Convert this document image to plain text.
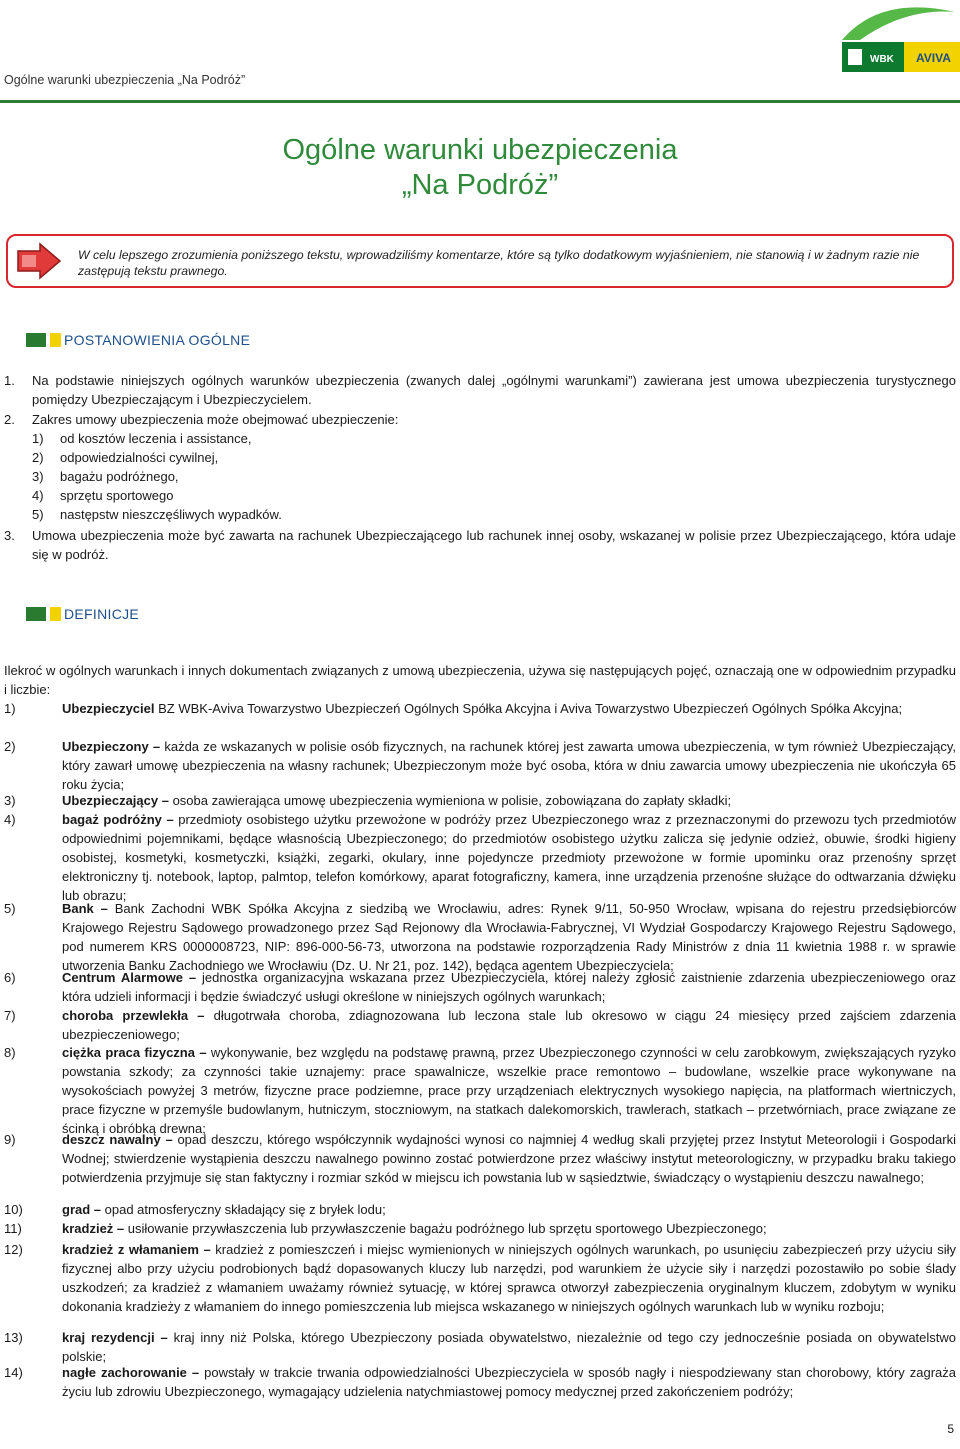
Ogólne warunki ubezpieczenia „Na Podróż”
WBK AVIVA
Ogólne warunki ubezpieczenia
„Na Podróż”
W celu lepszego zrozumienia poniższego tekstu, wprowadziliśmy komentarze, które są tylko dodatkowym wyjaśnieniem, nie stanowią i w żadnym razie nie zastępują tekstu prawnego.
POSTANOWIENIA OGÓLNE
1. Na podstawie niniejszych ogólnych warunków ubezpieczenia (zwanych dalej „ogólnymi warunkami”) zawierana jest umowa ubezpieczenia turystycznego pomiędzy Ubezpieczającym i Ubezpieczycielem.
2. Zakres umowy ubezpieczenia może obejmować ubezpieczenie:
1) od kosztów leczenia i assistance,
2) odpowiedzialności cywilnej,
3) bagażu podróżnego,
4) sprzętu sportowego
5) następstw nieszczęśliwych wypadków.
3. Umowa ubezpieczenia może być zawarta na rachunek Ubezpieczającego lub rachunek innej osoby, wskazanej w polisie przez Ubezpieczającego, która udaje się w podróż.
DEFINICJE
Ilekroć w ogólnych warunkach i innych dokumentach związanych z umową ubezpieczenia, używa się następujących pojęć, oznaczają one w odpowiednim przypadku i liczbie:
1)	Ubezpieczyciel BZ WBK-Aviva Towarzystwo Ubezpieczeń Ogólnych Spółka Akcyjna i Aviva Towarzystwo Ubezpieczeń Ogólnych Spółka Akcyjna;
2)	Ubezpieczony – każda ze wskazanych w polisie osób fizycznych, na rachunek której jest zawarta umowa ubezpieczenia, w tym również Ubezpieczający, który zawarł umowę ubezpieczenia na własny rachunek; Ubezpieczonym może być osoba, która w dniu zawarcia umowy ubezpieczenia nie ukończyła 65 roku życia;
3)	Ubezpieczający – osoba zawierająca umowę ubezpieczenia wymieniona w polisie, zobowiązana do zapłaty składki;
4)	bagaż podróżny – przedmioty osobistego użytku przewożone w podróży przez Ubezpieczonego wraz z przeznaczonymi do przewozu tych przedmiotów odpowiednimi pojemnikami, będące własnością Ubezpieczonego; do przedmiotów osobistego użytku zalicza się jedynie odzież, obuwie, środki higieny osobistej, kosmetyki, kosmetyczki, książki, zegarki, okulary, inne pojedyncze przedmioty przewożone w formie upominku oraz przenośny sprzęt elektroniczny tj. notebook, laptop, palmtop, telefon komórkowy, aparat fotograficzny, kamera, inne urządzenia przenośne służące do odtwarzania dźwięku lub obrazu;
5)	Bank – Bank Zachodni WBK Spółka Akcyjna z siedzibą we Wrocławiu, adres: Rynek 9/11, 50-950 Wrocław, wpisana do rejestru przedsiębiorców Krajowego Rejestru Sądowego prowadzonego przez Sąd Rejonowy dla Wrocławia-Fabrycznej, VI Wydział Gospodarczy Krajowego Rejestru Sądowego, pod numerem KRS 0000008723, NIP: 896-000-56-73, utworzona na podstawie rozporządzenia Rady Ministrów z dnia 11 kwietnia 1988 r. w sprawie utworzenia Banku Zachodniego we Wrocławiu (Dz. U. Nr 21, poz. 142), będąca agentem Ubezpieczyciela;
6)	Centrum Alarmowe – jednostka organizacyjna wskazana przez Ubezpieczyciela, której należy zgłosić zaistnienie zdarzenia ubezpieczeniowego oraz która udzieli informacji i będzie świadczyć usługi określone w niniejszych ogólnych warunkach;
7)	choroba przewlekła – długotrwała choroba, zdiagnozowana lub leczona stale lub okresowo w ciągu 24 miesięcy przed zajściem zdarzenia ubezpieczeniowego;
8)	ciężka praca fizyczna – wykonywanie, bez względu na podstawę prawną, przez Ubezpieczonego czynności w celu zarobkowym, zwiększających ryzyko powstania szkody; za czynności takie uznajemy: prace spawalnicze, wszelkie prace remontowo – budowlane, wszelkie prace wykonywane na wysokościach powyżej 3 metrów, fizyczne prace podziemne, prace przy urządzeniach elektrycznych wysokiego napięcia, na platformach wiertniczych, prace fizyczne w przemyśle budowlanym, hutniczym, stoczniowym, na statkach dalekomorskich, trawlerach, statkach – przetwórniach, prace związane ze ścinką i obróbką drewna;
9)	deszcz nawalny – opad deszczu, którego współczynnik wydajności wynosi co najmniej 4 według skali przyjętej przez Instytut Meteorologii i Gospodarki Wodnej; stwierdzenie wystąpienia deszczu nawalnego powinno zostać potwierdzone przez właściwy instytut meteorologiczny, w przypadku braku takiego potwierdzenia przyjmuje się stan faktyczny i rozmiar szkód w miejscu ich powstania lub w sąsiedztwie, świadczący o wystąpieniu deszczu nawalnego;
10)	grad – opad atmosferyczny składający się z bryłek lodu;
11)	kradzież – usiłowanie przywłaszczenia lub przywłaszczenie bagażu podróżnego lub sprzętu sportowego Ubezpieczonego;
12)	kradzież z włamaniem – kradzież z pomieszczeń i miejsc wymienionych w niniejszych ogólnych warunkach, po usunięciu zabezpieczeń przy użyciu siły fizycznej albo przy użyciu podrobionych bądź dopasowanych kluczy lub narzędzi, pod warunkiem że użycie siły i narzędzi pozostawiło po sobie ślady uszkodzeń; za kradzież z włamaniem uważamy również sytuację, w której sprawca otworzył zabezpieczenia oryginalnym kluczem, zdobytym w wyniku dokonania kradzieży z włamaniem do innego pomieszczenia lub miejsca wskazanego w niniejszych ogólnych warunkach lub w wyniku rozboju;
13)	kraj rezydencji – kraj inny niż Polska, którego Ubezpieczony posiada obywatelstwo, niezależnie od tego czy jednocześnie posiada on obywatelstwo polskie;
14)	nagłe zachorowanie – powstały w trakcie trwania odpowiedzialności Ubezpieczyciela w sposób nagły i niespodziewany stan chorobowy, który zagraża życiu lub zdrowiu Ubezpieczonego, wymagający udzielenia natychmiastowej pomocy medycznej przed zakończeniem podróży;
5
